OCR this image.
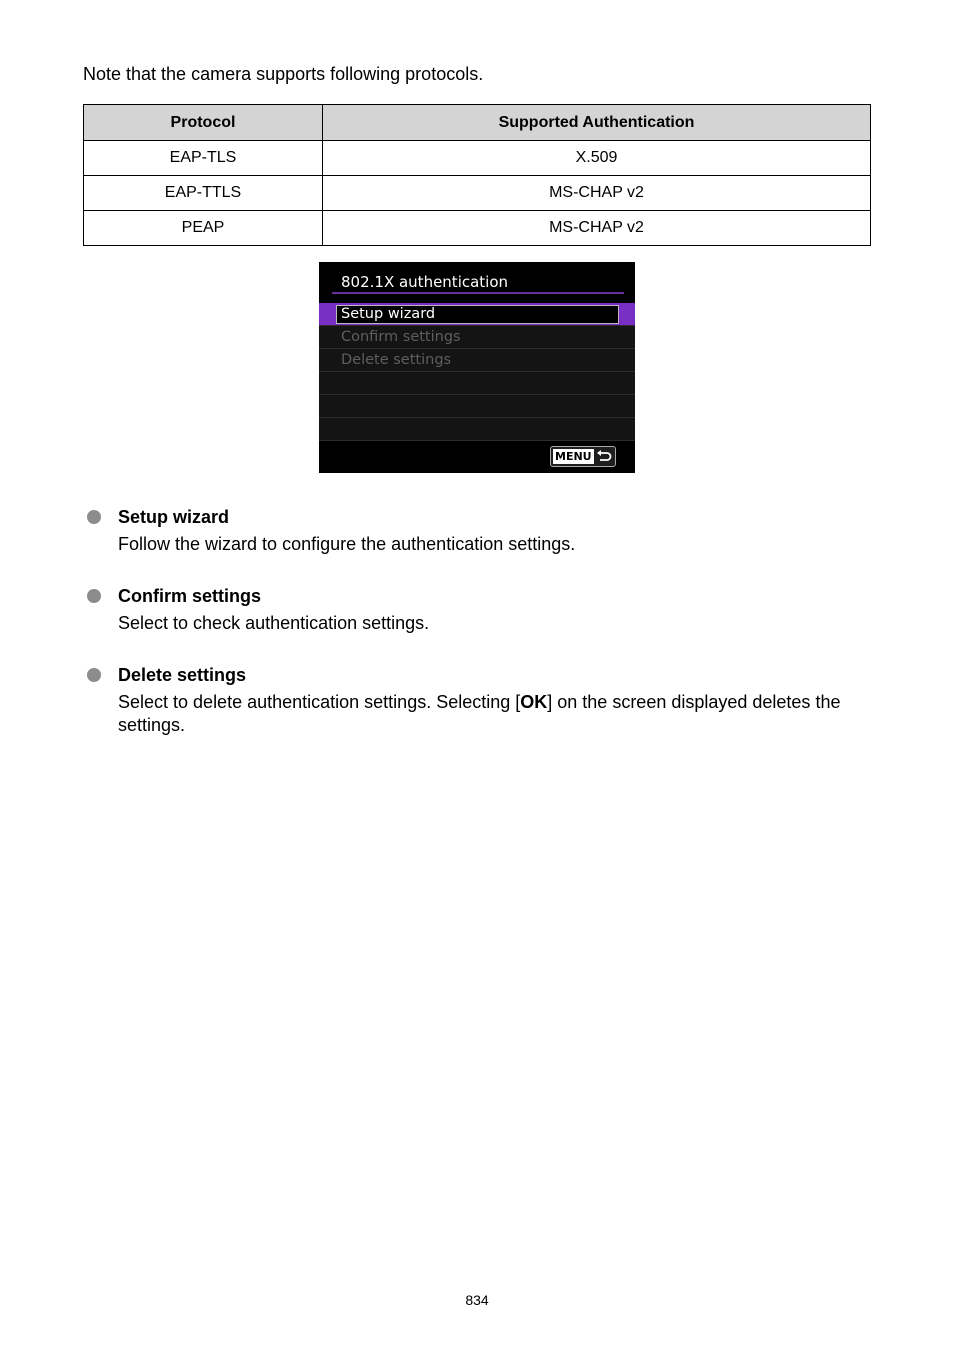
Note that the camera supports following protocols.

Protocol	Supported Authentication
EAP-TLS	X.509
EAP-TTLS	MS-CHAP v2
PEAP	MS-CHAP v2
802.1X authentication
Setup wizard
Confirm settings
Delete settings
MENU

Setup wizard

Follow the wizard to configure the authentication settings.

Confirm settings

Select to check authentication settings.

Delete settings

Select to delete authentication settings. Selecting [OK] on the screen displayed deletes the settings.

834
